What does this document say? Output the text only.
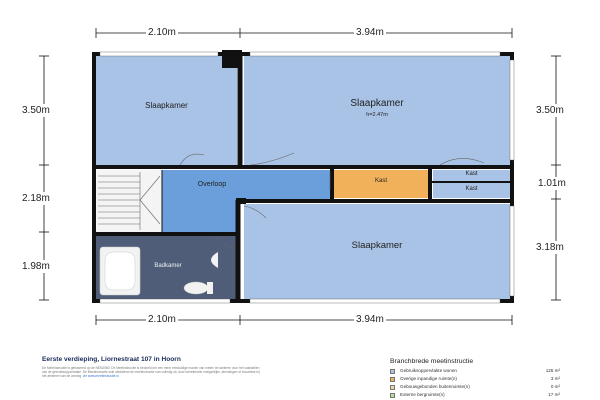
2.10m	3.94m
2.10m	3.94m
3.50m
2.18m
1.98m
3.50m
1.01m
3.18m
Slaapkamer	Slaapkamer
h=2.47m
Overloop	Kast
Kast
Kast
Badkamer
Slaapkamer
Eerste verdieping, Liornestraat 107 in Hoorn
De Meetinstructie is gebaseerd op de NEN2580. De Meetinstructie is bedoeld om een meer eenduidige manier van meten te hanteren voor het vaststellen van de gebruiksoppervlakte. De Meetinstructie sluit uitsluitend de meetinstructie van volledig uit, door toereikende oneigenlijke, ahmdingen of bouwfase bij het afnemen van de woning. zie www.meetinstructie.nl
Branchbrede meetinstructie
Gebruiksoppervlakte wonen	125 m²
Overige inpandige ruimte(n)	3 m²
Gebouwgebonden buitenruimte(n)	0 m²
Externe bergruimte(n)	17 m²
